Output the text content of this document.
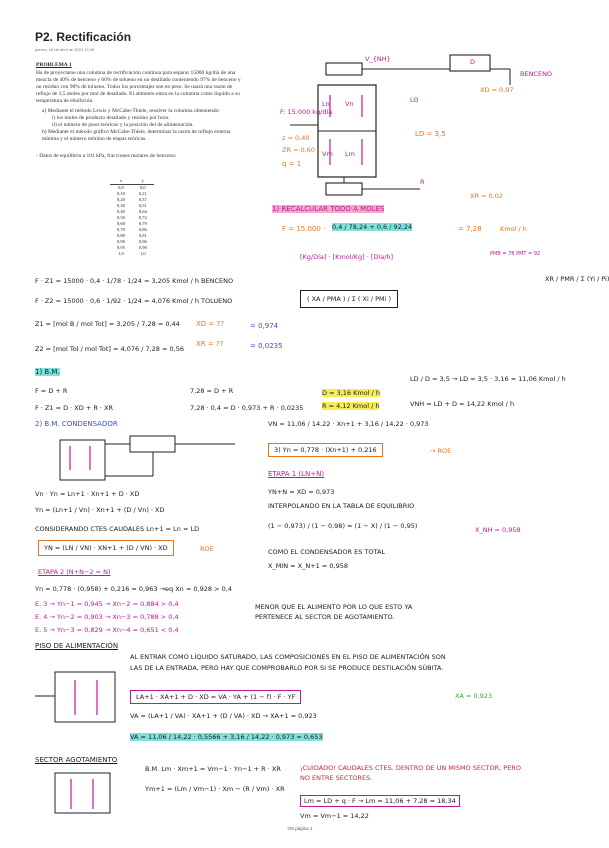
P2. Rectificación
jueves, 18 de abril de 2024 13:38
PROBLEMA 1
Ha de proyectarse una columna de rectificación continua para separar 15000 kg/día de una mezcla de 40% de benceno y 60% de tolueno en un destilado conteniendo 97% de benceno y un residuo con 98% de tolueno. Todos los porcentajes son en peso. Se usará una razón de reflujo de 3,5 moles por mol de destilado. El alimento entra en la columna como líquido a su temperatura de ebullición.
a) Mediante el método Lewis y McCabe-Thiele, resolver la columna obteniendo:
i) los moles de producto destilado y residuo por hora.
ii) el número de pisos teóricos y la posición del de alimentación.
b) Mediante el método gráfico McCabe-Thiele, determinar la razón de reflujo externa mínima y el número mínimo de etapas teóricas.
- Datos de equilibrio a 101 kPa, fracciones molares de benceno:
x	y
0,0	0,0
0,10	0,21
0,20	0,37
0,30	0,51
0,40	0,64
0,50	0,72
0,60	0,79
0,70	0,86
0,80	0,91
0,90	0,96
0,95	0,98
1,0	1,0
V_{NH}	D
BENCENO
XD = 0,97
F: 15.000 kg/día
z = 0,40
ZR = 0,60
q = 1
LO
LD = 3,5
Ln Vn
Vm Lm
R
XR = 0,02
1) RECALCULAR TODO A MOLES
F = 15.000 · 0,4 / 78,24 + 0,6 / 92,24	= 7,28	Kmol / h
[Kg/Día] · [Kmol/Kg] · [Día/h]	PMB = 78 PMT = 92
XR / PMR / Σ (Yi / Pi)
F · Z1 = 15000 · 0,4 · 1/78 · 1/24 = 3,205 Kmol / h BENCENO
F · Z2 = 15000 · 0,6 · 1/92 · 1/24 = 4,076 Kmol / h TOLUENO
Z1 = [mol B / mol Tot] = 3,205 / 7,28 = 0,44
Z2 = [mol Tol / mol Tot] = 4,076 / 7,28 = 0,56
XD = ??	= 0,974
XR = ??	= 0,0235
( XA / PMA ) / Σ ( Xi / PMi )
1) B.M.
F = D + R
F · Z1 = D · XD + R · XR
7,28 = D + R
7,28 · 0,4 = D · 0,973 + R · 0,0235
D = 3,16 Kmol / h
R = 4,12 Kmol / h
LD / D = 3,5 → LD = 3,5 · 3,16 = 11,06 Kmol / h
VNH = LD + D = 14,22 Kmol / h
2) B.M. CONDENSADOR
Vn · Yn = Ln+1 · Xn+1 + D · XD
Yn = (Ln+1 / Vn) · Xn+1 + (D / Vn) · XD
CONSIDERANDO CTES CAUDALES Ln+1 = Ln = LD
YN = (LN / VN) · XN+1 + (D / VN) · XD	ROE
VN = 11,06 / 14,22 · Xn+1 + 3,16 / 14,22 · 0,973
3) Yn = 0,778 · (Xn+1) + 0,216	→ ROE
ETAPA 1 (LN+N)
YN+N = XD = 0,973
INTERPOLANDO EN LA TABLA DE EQUILIBRIO
(1 − 0,973) / (1 − 0,98) = (1 − X) / (1 − 0,95)	X_NH = 0,958
COMO EL CONDENSADOR ES TOTAL
X_MIN = X_N+1 = 0,958
ETAPA 2 (N+N−2 = N)
Yn = 0,778 · (0,958) + 0,216 = 0,963 →eq Xn = 0,928 > 0,4
E. 3 → Yn−1 = 0,945 → Xn−2 = 0,884 > 0,4
E. 4 → Yn−2 = 0,903 → Xn−3 = 0,788 > 0,4
E. 5 → Yn−3 = 0,829 → Xn−4 = 0,651 < 0,4
MENOR QUE EL ALIMENTO POR LO QUE ESTO YA PERTENECE AL SECTOR DE AGOTAMIENTO.
PISO DE ALIMENTACIÓN
AL ENTRAR COMO LÍQUIDO SATURADO, LAS COMPOSICIONES EN EL PISO DE ALIMENTACIÓN SON LAS DE LA ENTRADA, PERO HAY QUE COMPROBARLO POR SI SE PRODUCE DESTILACIÓN SÚBITA.
LA+1 · XA+1 + D · XD = VA · YA + (1 − f) · F · YF	XA = 0,923
VA = (LA+1 / VA) · XA+1 + (D / VA) · XD → XA+1 = 0,923
VA = 11,06 / 14,22 · 0,5566 + 3,16 / 14,22 · 0,973 = 0,653
SECTOR AGOTAMIENTO
B.M. Lm · Xm+1 = Vm−1 · Yn−1 + R · XR
Ym+1 = (Lm / Vm−1) · Xm − (R / Vm) · XR
¡CUIDADO! CAUDALES CTES. DENTRO DE UN MISMO SECTOR, PERO NO ENTRE SECTORES.
Lm = LD + q · F → Lm = 11,06 + 7,28 = 18,34
Vm = Vm−1 = 14,22
OS página 1
